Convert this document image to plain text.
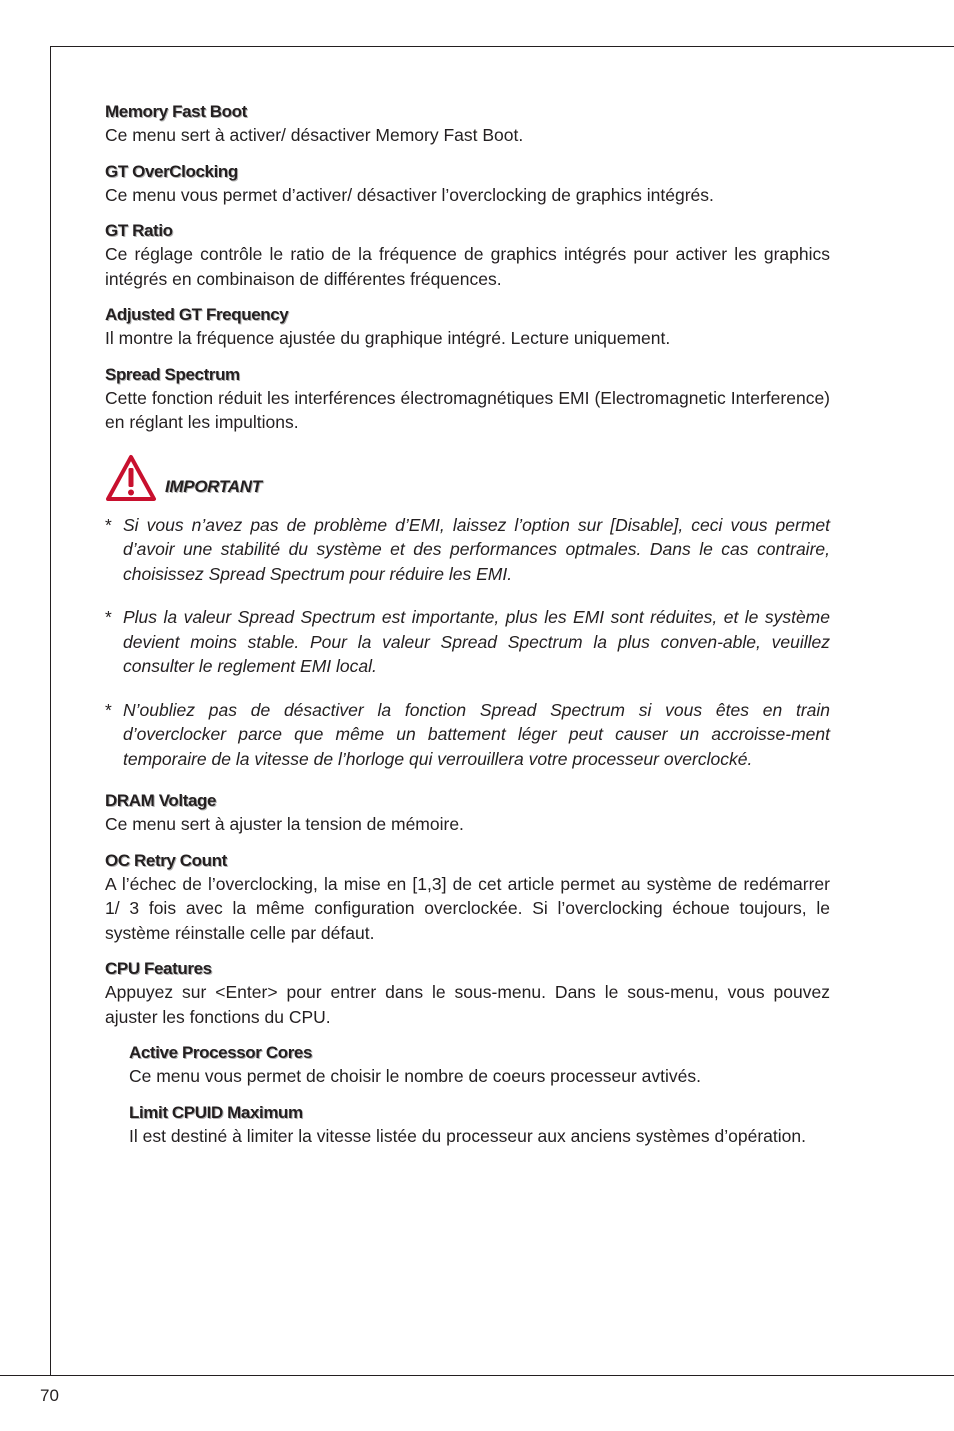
Memory Fast Boot
Ce menu sert à activer/ désactiver Memory Fast Boot.
GT OverClocking
Ce menu vous permet d’activer/ désactiver l’overclocking de graphics intégrés.
GT Ratio
Ce réglage contrôle le ratio de la fréquence de graphics intégrés pour activer les graphics intégrés en combinaison de différentes fréquences.
Adjusted GT Frequency
Il montre la fréquence ajustée du graphique intégré. Lecture uniquement.
Spread Spectrum
Cette fonction réduit les interférences électromagnétiques EMI (Electromagnetic Interference) en réglant les impultions.
IMPORTANT
* Si vous n’avez pas de problème d’EMI, laissez l’option sur [Disable], ceci vous permet d’avoir une stabilité du système et des performances optmales. Dans le cas contraire, choisissez Spread Spectrum pour réduire les EMI.
* Plus la valeur Spread Spectrum est importante, plus les EMI sont réduites, et le système devient moins stable. Pour la valeur Spread Spectrum la plus conven-able, veuillez consulter le reglement EMI local.
* N’oubliez pas de désactiver la fonction Spread Spectrum si vous êtes en train d’overclocker parce que même un battement léger peut causer un accroisse-ment temporaire de la vitesse de l’horloge qui verrouillera votre processeur overclocké.
DRAM Voltage
Ce menu sert à ajuster la tension de mémoire.
OC Retry Count
A l’échec de l’overclocking, la mise en [1,3] de cet article permet au système de redémarrer 1/ 3 fois avec la même configuration overclockée. Si l’overclocking échoue toujours, le système réinstalle celle par défaut.
CPU Features
Appuyez sur <Enter> pour entrer dans le sous-menu. Dans le sous-menu, vous pouvez ajuster les fonctions du CPU.
Active Processor Cores
Ce menu vous permet de choisir le nombre de coeurs processeur avtivés.
Limit CPUID Maximum
Il est destiné à limiter la vitesse listée du processeur aux anciens systèmes d’opération.
70
